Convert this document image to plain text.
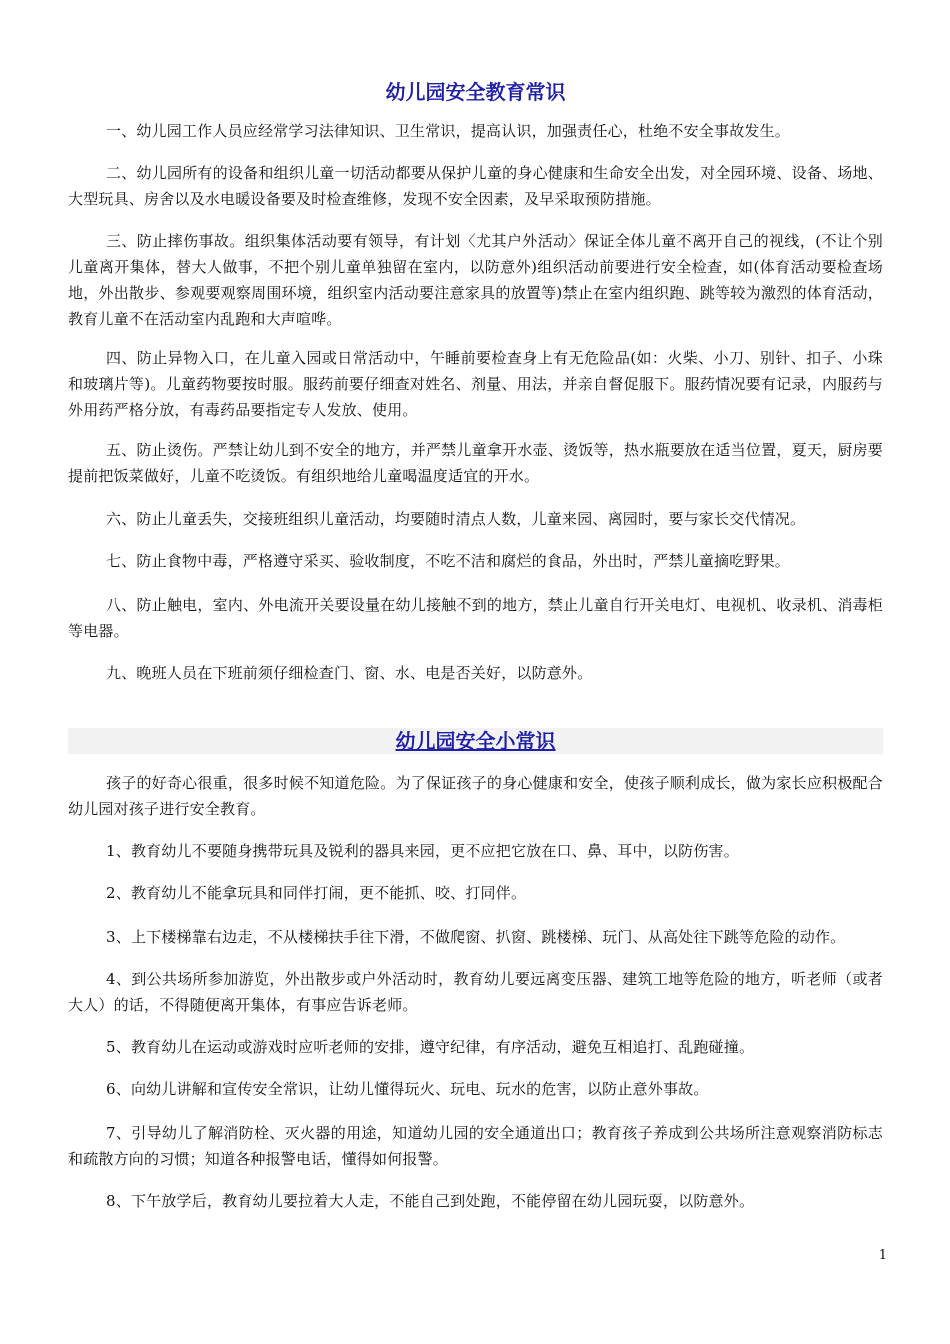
幼儿园安全教育常识

一、幼儿园工作人员应经常学习法律知识、卫生常识，提高认识，加强责任心，杜绝不安全事故发生。

二、幼儿园所有的设备和组织儿童一切活动都要从保护儿童的身心健康和生命安全出发，对全园环境、设备、场地、大型玩具、房舍以及水电暖设备要及时检查维修，发现不安全因素，及早采取预防措施。

三、防止摔伤事故。组织集体活动要有领导，有计划〈尤其户外活动〉保证全体儿童不离开自己的视线，(不让个别儿童离开集体，替大人做事，不把个别儿童单独留在室内，以防意外)组织活动前要进行安全检查，如(体育活动要检查场地，外出散步、参观要观察周围环境，组织室内活动要注意家具的放置等)禁止在室内组织跑、跳等较为激烈的体育活动，教育儿童不在活动室内乱跑和大声喧哗。

四、防止异物入口，在儿童入园或日常活动中，午睡前要检查身上有无危险品(如：火柴、小刀、别针、扣子、小珠和玻璃片等)。儿童药物要按时服。服药前要仔细查对姓名、剂量、用法，并亲自督促服下。服药情况要有记录，内服药与外用药严格分放，有毒药品要指定专人发放、使用。

五、防止烫伤。严禁让幼儿到不安全的地方，并严禁儿童拿开水壶、烫饭等，热水瓶要放在适当位置，夏天，厨房要提前把饭菜做好，儿童不吃烫饭。有组织地给儿童喝温度适宜的开水。

六、防止儿童丢失，交接班组织儿童活动，均要随时清点人数，儿童来园、离园时，要与家长交代情况。

七、防止食物中毒，严格遵守采买、验收制度，不吃不洁和腐烂的食品，外出时，严禁儿童摘吃野果。

八、防止触电，室内、外电流开关要设量在幼儿接触不到的地方，禁止儿童自行开关电灯、电视机、收录机、消毒柜等电器。

九、晚班人员在下班前须仔细检查门、窗、水、电是否关好，以防意外。

幼儿园安全小常识

孩子的好奇心很重，很多时候不知道危险。为了保证孩子的身心健康和安全，使孩子顺利成长，做为家长应积极配合幼儿园对孩子进行安全教育。

1、教育幼儿不要随身携带玩具及锐利的器具来园，更不应把它放在口、鼻、耳中，以防伤害。

2、教育幼儿不能拿玩具和同伴打闹，更不能抓、咬、打同伴。

3、上下楼梯靠右边走，不从楼梯扶手往下滑，不做爬窗、扒窗、跳楼梯、玩门、从高处往下跳等危险的动作。

4、到公共场所参加游览，外出散步或户外活动时，教育幼儿要远离变压器、建筑工地等危险的地方，听老师（或者大人）的话，不得随便离开集体，有事应告诉老师。

5、教育幼儿在运动或游戏时应听老师的安排，遵守纪律，有序活动，避免互相追打、乱跑碰撞。

6、向幼儿讲解和宣传安全常识，让幼儿懂得玩火、玩电、玩水的危害，以防止意外事故。

7、引导幼儿了解消防栓、灭火器的用途，知道幼儿园的安全通道出口；教育孩子养成到公共场所注意观察消防标志和疏散方向的习惯；知道各种报警电话，懂得如何报警。

8、下午放学后，教育幼儿要拉着大人走，不能自己到处跑，不能停留在幼儿园玩耍，以防意外。

1
